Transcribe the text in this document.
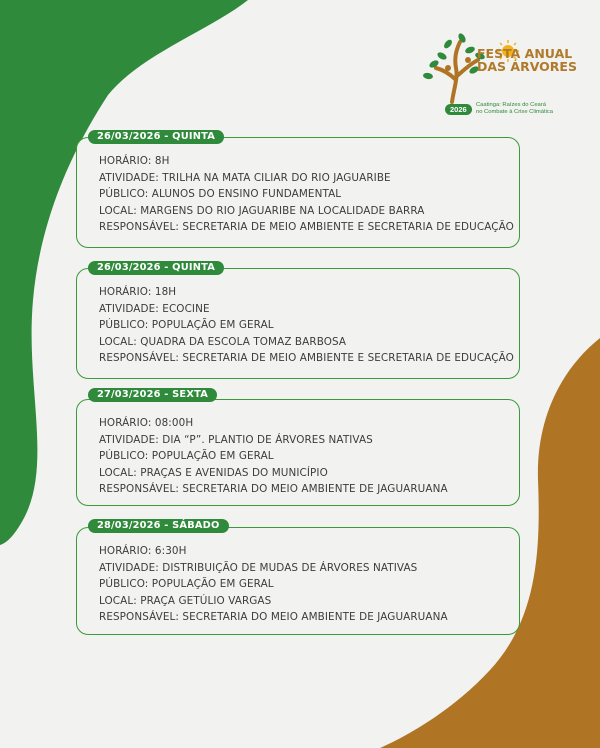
FESTA ANUAL
DAS ÁRVORES
2026	Caatinga: Raízes do Ceará
no Combate à Crise Climática
HORÁRIO: 8H
ATIVIDADE: TRILHA NA MATA CILIAR DO RIO JAGUARIBE
PÚBLICO: ALUNOS DO ENSINO FUNDAMENTAL
LOCAL: MARGENS DO RIO JAGUARIBE NA LOCALIDADE BARRA
RESPONSÁVEL: SECRETARIA DE MEIO AMBIENTE E SECRETARIA DE EDUCAÇÃO
26/03/2026 - QUINTA
HORÁRIO: 18H
ATIVIDADE: ECOCINE
PÚBLICO: POPULAÇÃO EM GERAL
LOCAL: QUADRA DA ESCOLA TOMAZ BARBOSA
RESPONSÁVEL: SECRETARIA DE MEIO AMBIENTE E SECRETARIA DE EDUCAÇÃO
26/03/2026 - QUINTA
HORÁRIO: 08:00H
ATIVIDADE: DIA “P”. PLANTIO DE ÁRVORES NATIVAS
PÚBLICO: POPULAÇÃO EM GERAL
LOCAL: PRAÇAS E AVENIDAS DO MUNICÍPIO
RESPONSÁVEL: SECRETARIA DO MEIO AMBIENTE DE JAGUARUANA
27/03/2026 - SEXTA
HORÁRIO: 6:30H
ATIVIDADE: DISTRIBUIÇÃO DE MUDAS DE ÁRVORES NATIVAS
PÚBLICO: POPULAÇÃO EM GERAL
LOCAL: PRAÇA GETÚLIO VARGAS
RESPONSÁVEL: SECRETARIA DO MEIO AMBIENTE DE JAGUARUANA
28/03/2026 - SÁBADO
